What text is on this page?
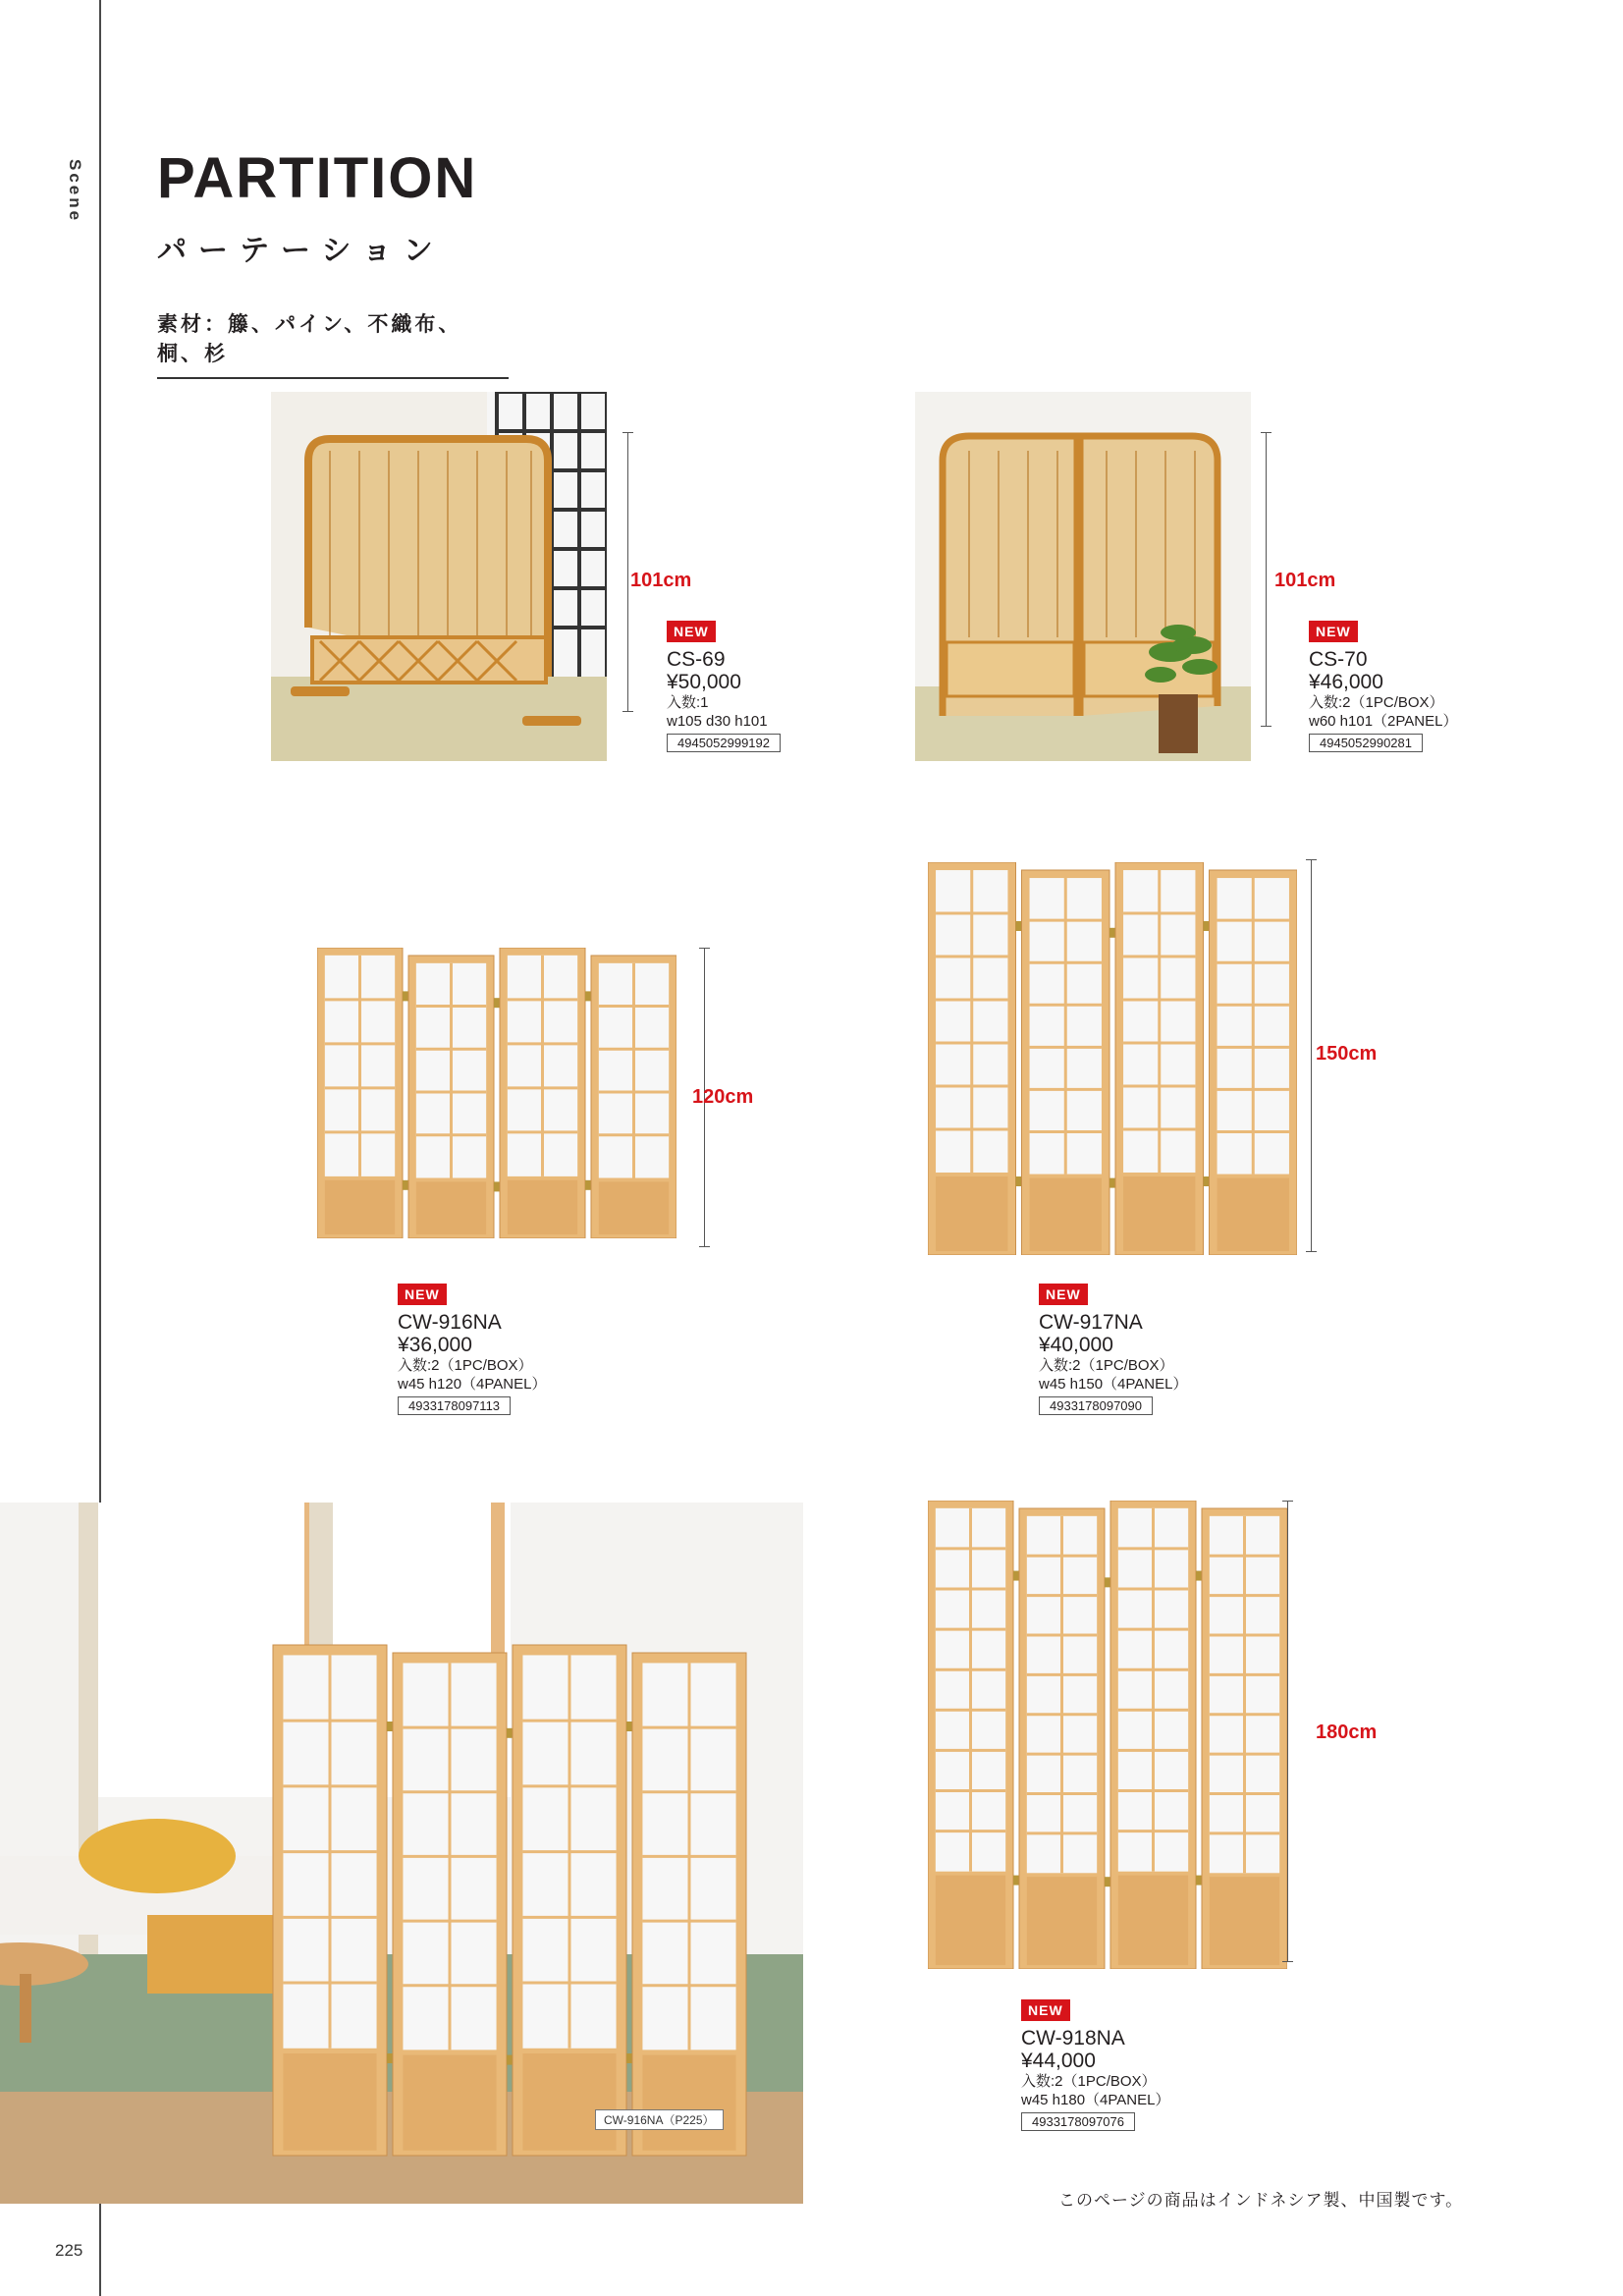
Scene
225
PARTITION
パーテーション
素材：籐、パイン、不織布、桐、杉
101cm
NEW
CS-69
¥50,000
入数:1
w105 d30 h101
4945052999192
101cm
NEW
CS-70
¥46,000
入数:2（1PC/BOX）
w60 h101（2PANEL）
4945052990281
120cm
NEW
CW-916NA
¥36,000
入数:2（1PC/BOX）
w45 h120（4PANEL）
4933178097113
150cm
NEW
CW-917NA
¥40,000
入数:2（1PC/BOX）
w45 h150（4PANEL）
4933178097090
180cm
NEW
CW-918NA
¥44,000
入数:2（1PC/BOX）
w45 h180（4PANEL）
4933178097076
CW-916NA（P225）
このページの商品はインドネシア製、中国製です。
